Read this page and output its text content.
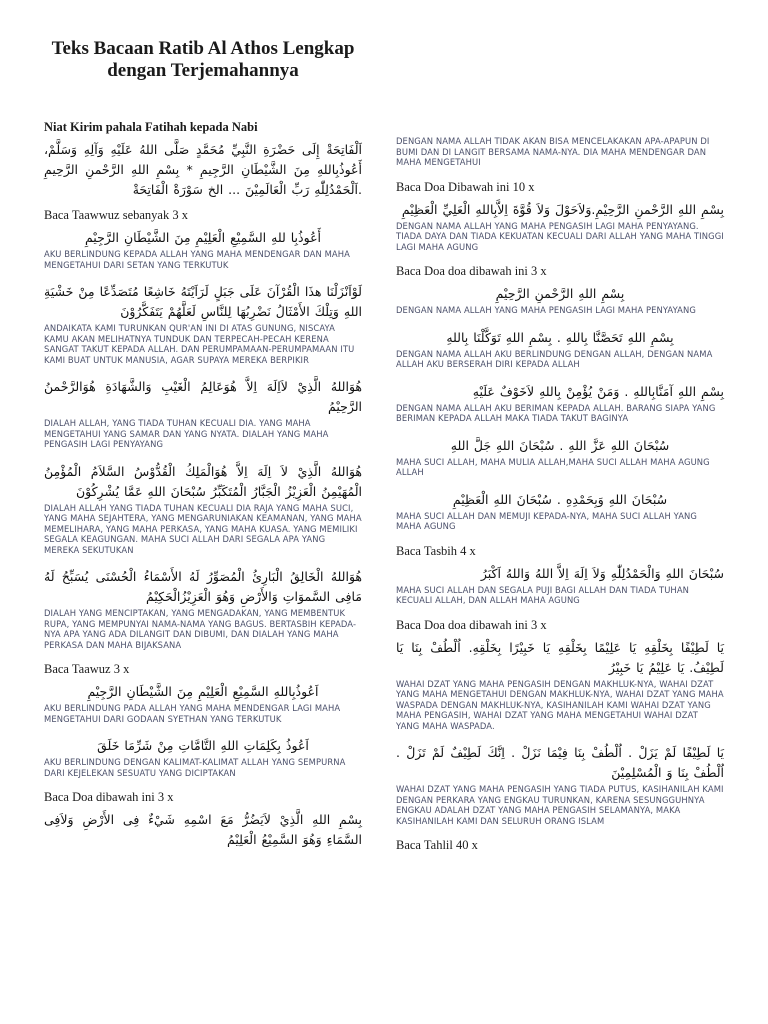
Teks Bacaan Ratib Al Athos Lengkap dengan Terjemahannya
Niat Kirim pahala Fatihah kepada Nabi
اَلْفَاتِحَةْ إِلَى حَضْرَةِ النَّبِيِّ مُحَمَّدٍ صَلَّى اللهُ عَلَيْهِ وَآلِهِ وَسَلَّمْ، أَعُوذُبِاللهِ مِنَ الشَّيْطَانِ الرَّجِيمِ * بِسْمِ اللهِ الرَّحْمنِ الرَّحِيمِ .اَلْحَمْدُلِلّٰهِ رَبِّ الْعَالَمِيْنَ ... الخ سَوْرَةْ الْفَاتِحَةْ
Baca Taawwuz sebanyak 3 x
أَعُوذُبِا للهِ السَّمِيْعِ الْعَلِيْمِ مِنَ الشَّيْطَانِ الرَّجِيْمِ
AKU BERLINDUNG KEPADA ALLAH YANG MAHA MENDENGAR DAN MAHA MENGETAHUI DARI SETAN YANG TERKUTUK
لَوْاَنْزَلْنَا هذَا الْقُرْآنَ عَلَى جَبَلٍ لَرَاَيْتَهُ خَاشِعًا مُتَصَدِّعًا مِنْ خَشْيَةِ اللهِ وَتِلْكَ الأَمْثَالُ نَضْرِبُهَا لِلنَّاسِ لَعَلَّهُمْ يَتَفَكَّرُوْنَ
ANDAIKATA KAMI TURUNKAN QUR'AN INI DI ATAS GUNUNG, NISCAYA KAMU AKAN MELIHATNYA TUNDUK DAN TERPECAH-PECAH KERENA SANGAT TAKUT KEPADA ALLAH. DAN PERUMPAMAAN-PERUMPAMAAN ITU KAMI BUAT UNTUK MANUSIA, AGAR SUPAYA MEREKA BERPIKIR
هُوَاللهُ الَّذِيْ لاَاِلَهَ اِلاَّ هُوَعَالِمُ الْغَيْبِ وَالشَّهَادَةِ هُوَالرَّحْمنُ الرَّحِيْمُ
DIALAH ALLAH, YANG TIADA TUHAN KECUALI DIA. YANG MAHA MENGETAHUI YANG SAMAR DAN YANG NYATA. DIALAH YANG MAHA PENGASIH LAGI PENYAYANG
هُوَاللهُ الَّذِيْ لاَ اِلَهَ اِلاَّ هُوَالْمَلِكُ الْقُدُّوْسُ السَّلاَمُ الْمُؤْمِنُ الْمُهَيْمِنُ الْعَزِيْزُ الْجَبَّارُ الْمُتَكَبِّرُ سُبْحَانَ اللهِ عَمَّا يُشْرِكُوْنَ
DIALAH ALLAH YANG TIADA TUHAN KECUALI DIA RAJA YANG MAHA SUCI, YANG MAHA SEJAHTERA, YANG MENGARUNIAKAN KEAMANAN, YANG MAHA MEMELIHARA, YANG MAHA PERKASA, YANG MAHA KUASA. YANG MEMILIKI SEGALA KEAGUNGAN. MAHA SUCI ALLAH DARI SEGALA APA YANG MEREKA SEKUTUKAN
هُوَاللهُ الْخَالِقُ الْبَارِئُ الْمُصَوِّرُ لَهُ الأَسْمَاءُ الْحُسْنَى يُسَبِّحُ لَهُ مَافِى السَّموَاتِ وَالأَرْضِ وَهُوَ الْعَزِيْزُالْحَكِيْمُ
DIALAH YANG MENCIPTAKAN, YANG MENGADAKAN, YANG MEMBENTUK RUPA, YANG MEMPUNYAI NAMA-NAMA YANG BAGUS. BERTASBIH KEPADA-NYA APA YANG ADA DILANGIT DAN DIBUMI, DAN DIALAH YANG MAHA PERKASA DAN MAHA BIJAKSANA
Baca Taawuz 3 x
اَعُوذُبِاللهِ السَّمِيْعِ الْعَلِيْمِ مِنَ الشَّيْطَانِ الرَّجِيْمِ
AKU BERLINDUNG PADA ALLAH YANG MAHA MENDENGAR LAGI MAHA MENGETAHUI DARI GODAAN SYETHAN YANG TERKUTUK
اَعُوذُ بِكَلِمَاتِ اللهِ التَّامَّاتِ مِنْ شَرِّمَا خَلَقَ
AKU BERLINDUNG DENGAN KALIMAT-KALIMAT ALLAH YANG SEMPURNA DARI KEJELEKAN SESUATU YANG DICIPTAKAN
Baca Doa dibawah ini 3 x
بِسْمِ اللهِ الَّذِيْ لاَيَضُرُّ مَعَ اسْمِهِ شَيْءٌ فِى الأَرْضِ وَلاَفِى السَّمَاءِ وَهُوَ السَّمِيْعُ الْعَلِيْمُ
DENGAN NAMA ALLAH TIDAK AKAN BISA MENCELAKAKAN APA-APAPUN DI BUMI DAN DI LANGIT BERSAMA NAMA-NYA. DIA MAHA MENDENGAR DAN MAHA MENGETAHUI
Baca Doa Dibawah ini 10 x
بِسْمِ اللهِ الرَّحْمنِ الرَّحِيْمِ.وَلاَحَوْلَ وَلاَ قُوَّةَ اِلاَّبِاللهِ الْعَلِيِّ الْعَظِيْمِ
DENGAN NAMA ALLAH YANG MAHA PENGASIH LAGI MAHA PENYAYANG. TIADA DAYA DAN TIADA KEKUATAN KECUALI DARI ALLAH YANG MAHA TINGGI LAGI MAHA AGUNG
Baca Doa doa dibawah ini 3 x
بِسْمِ اللهِ الرَّحْمنِ الرَّحِيْمِ
DENGAN NAMA ALLAH YANG MAHA PENGASIH LAGI MAHA PENYAYANG
بِسْمِ اللهِ تَحَصَّنَّا بِاللهِ . بِسْمِ اللهِ تَوَكَّلْنَا بِاللهِ
DENGAN NAMA ALLAH AKU BERLINDUNG DENGAN ALLAH, DENGAN NAMA ALLAH AKU BERSERAH DIRI KEPADA ALLAH
بِسْمِ اللهِ آمَنَّابِاللهِ . وَمَنْ يُؤْمِنْ بِاللهِ لاَخَوْفٌ عَلَيْهِ
DENGAN NAMA ALLAH AKU BERIMAN KEPADA ALLAH. BARANG SIAPA YANG BERIMAN KEPADA ALLAH MAKA TIADA TAKUT BAGINYA
سُبْحَانَ اللهِ عَزَّ اللهِ . سُبْحَانَ اللهِ جَلَّ اللهِ
MAHA SUCI ALLAH, MAHA MULIA ALLAH,MAHA SUCI ALLAH MAHA AGUNG ALLAH
سُبْحَانَ اللهِ وَبِحَمْدِهِ . سُبْحَانَ اللهِ الْعَظِيْمِ
MAHA SUCI ALLAH DAN MEMUJI KEPADA-NYA, MAHA SUCI ALLAH YANG MAHA AGUNG
Baca Tasbih 4 x
سُبْحَانَ اللهِ وَالْحَمْدُلِلّٰهِ وَلاَ اِلَهَ اِلاَّ اللهُ وَاللهُ اَكْبَرُ
MAHA SUCI ALLAH DAN SEGALA PUJI BAGI ALLAH DAN TIADA TUHAN KECUALI ALLAH, DAN ALLAH MAHA AGUNG
Baca Doa doa dibawah ini 3 x
يَا لَطِيْفًا بِخَلْقِهِ يَا عَلِيْمًا بِخَلْقِهِ يَا خَبِيْرًا بِخَلْقِهِ. اُلْطُفْ بِنَا يَا لَطِيْفُ. يَا عَلِيْمُ يَا خَبِيْرُ
WAHAI DZAT YANG MAHA PENGASIH DENGAN MAKHLUK-NYA, WAHAI DZAT YANG MAHA MENGETAHUI DENGAN MAKHLUK-NYA, WAHAI DZAT YANG MAHA WASPADA DENGAN MAKHLUK-NYA, KASIHANILAH KAMI WAHAI DZAT YANG MAHA PENGASIH, WAHAI DZAT YANG MAHA MENGETAHUI WAHAI DZAT YANG MAHA WASPADA.
يَا لَطِيْفًا لَمْ يَزَلْ . اُلْطُفْ بِنَا فِيْمَا نَزَلْ . اِنَّكَ لَطِيْفٌ لَمْ تَزَلْ . اُلْطُفْ بِنَا وَ الْمُسْلِمِيْنَ
WAHAI DZAT YANG MAHA PENGASIH YANG TIADA PUTUS, KASIHANILAH KAMI DENGAN PERKARA YANG ENGKAU TURUNKAN, KARENA SESUNGGUHNYA ENGKAU ADALAH DZAT YANG MAHA PENGASIH SELAMANYA, MAKA KASIHANILAH KAMI DAN SELURUH ORANG ISLAM
Baca Tahlil 40 x
